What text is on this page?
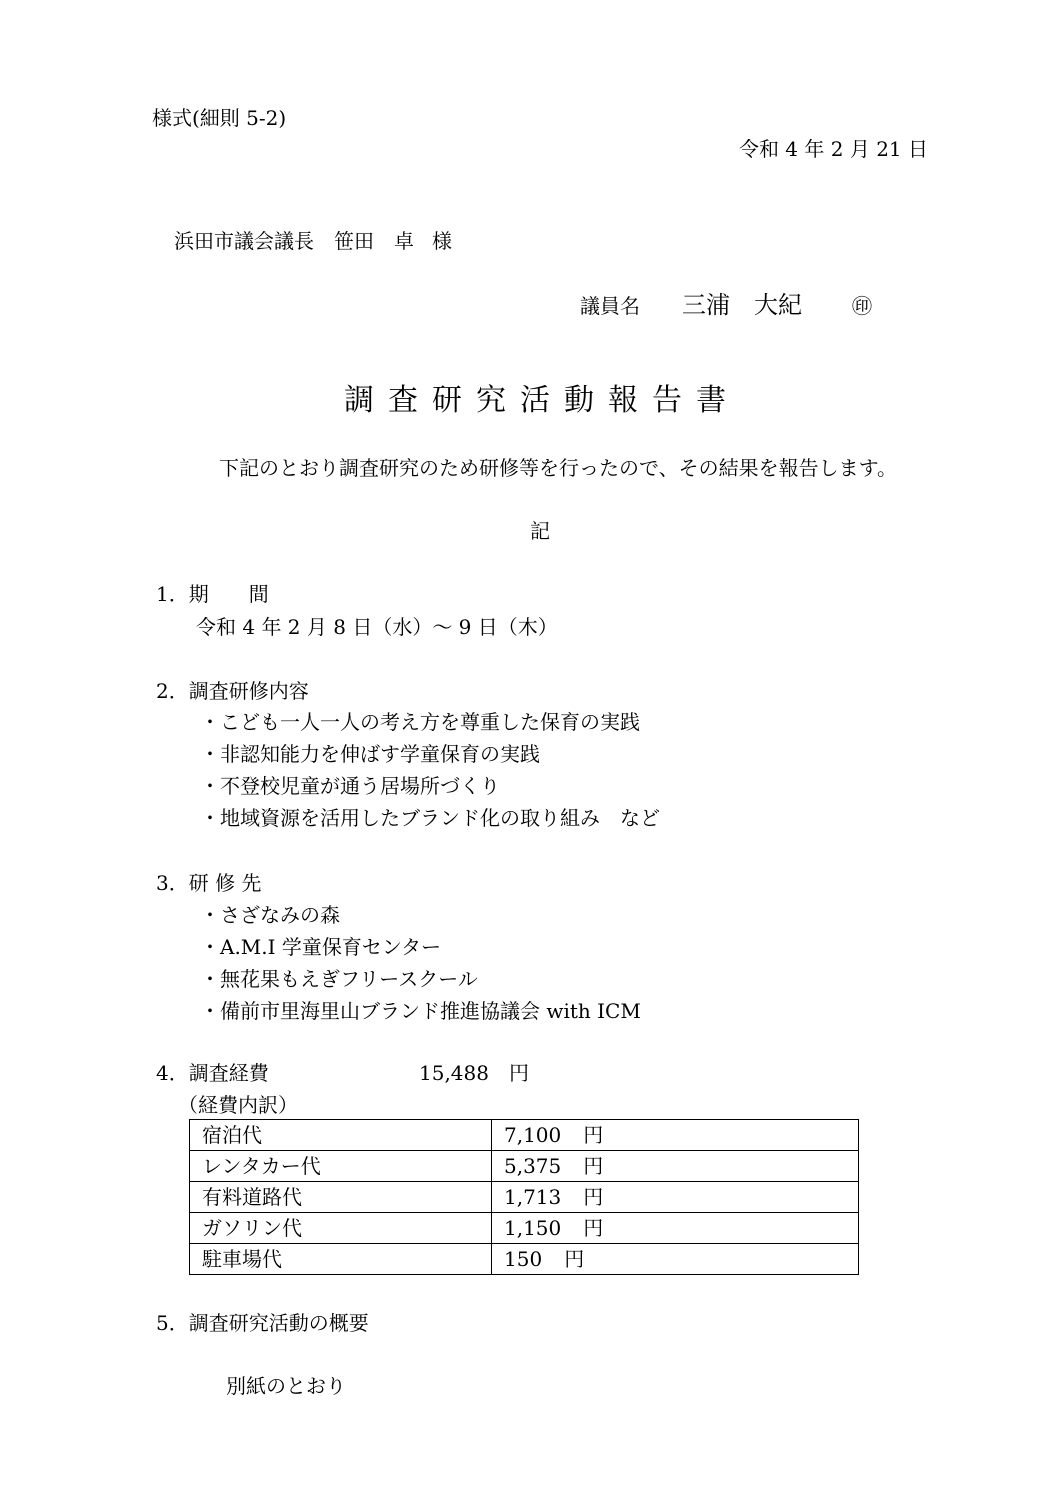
様式(細則 5-2)
令和 4 年 2 月 21 日
浜田市議会議長　笹田　卓 様
議員名 三浦　大紀	㊞
調査研究活動報告書
下記のとおり調査研究のため研修等を行ったので、その結果を報告します。
記
1．期　　間
令和 4 年 2 月 8 日（水）～ 9 日（木）
2．調査研修内容
・こども一人一人の考え方を尊重した保育の実践
・非認知能力を伸ばす学童保育の実践
・不登校児童が通う居場所づくり
・地域資源を活用したブランド化の取り組み　など
3．研 修 先
・さざなみの森
・A.M.I 学童保育センター
・無花果もえぎフリースクール
・備前市里海里山ブランド推進協議会 with ICM
4．調査経費	15,488　円
（経費内訳）
宿泊代	7,100 円
レンタカー代	5,375 円
有料道路代	1,713 円
ガソリン代	1,150 円
駐車場代	150 円
5．調査研究活動の概要
別紙のとおり
